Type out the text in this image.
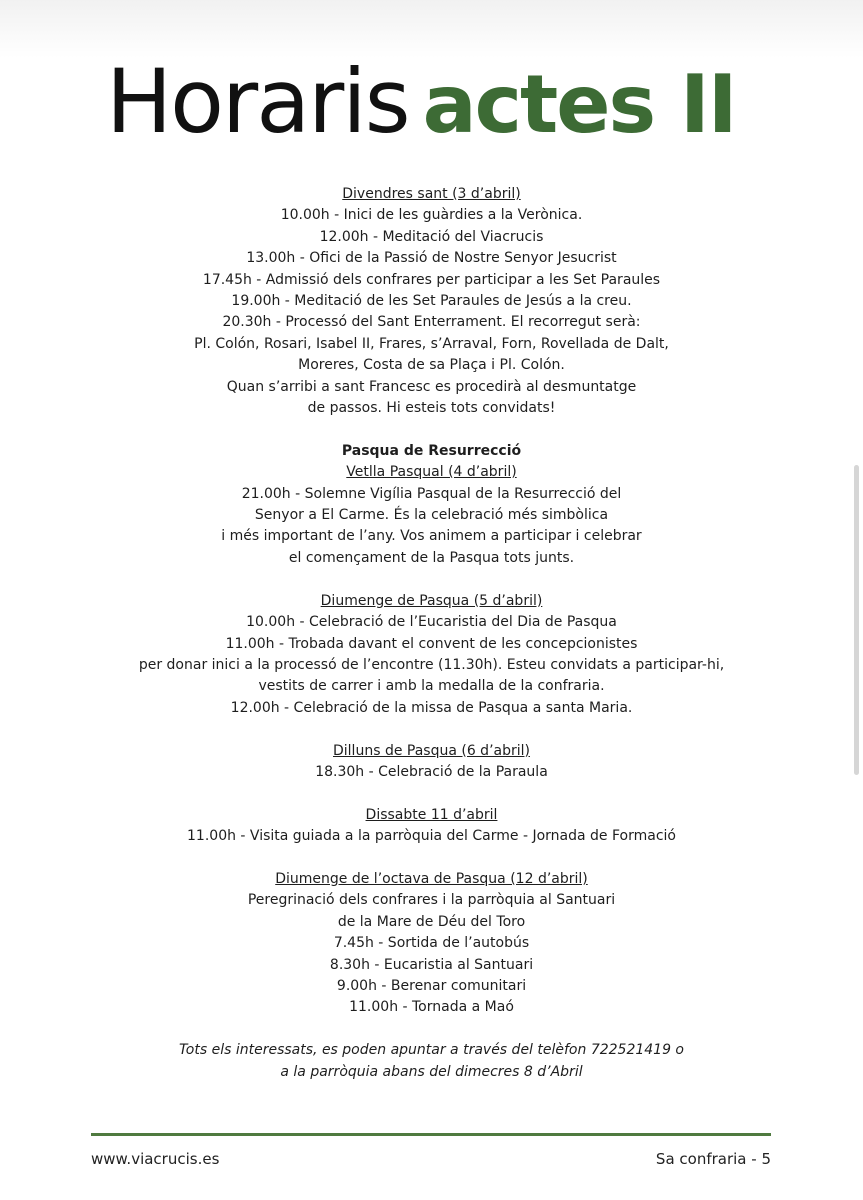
Horaris actes II
Divendres sant (3 d’abril)
10.00h - Inici de les guàrdies a la Verònica.
12.00h - Meditació del Viacrucis
13.00h - Ofici de la Passió de Nostre Senyor Jesucrist
17.45h - Admissió dels confrares per participar a les Set Paraules
19.00h - Meditació de les Set Paraules de Jesús a la creu.
20.30h - Processó del Sant Enterrament. El recorregut serà:
Pl. Colón, Rosari, Isabel II, Frares, s’Arraval, Forn, Rovellada de Dalt,
Moreres, Costa de sa Plaça i Pl. Colón.
Quan s’arribi a sant Francesc es procedirà al desmuntatge
de passos. Hi esteis tots convidats!
Pasqua de Resurrecció
Vetlla Pasqual (4 d’abril)
21.00h - Solemne Vigília Pasqual de la Resurrecció del
Senyor a El Carme. És la celebració més simbòlica
i més important de l’any. Vos animem a participar i celebrar
el començament de la Pasqua tots junts.
Diumenge de Pasqua (5 d’abril)
10.00h - Celebració de l’Eucaristia del Dia de Pasqua
11.00h - Trobada davant el convent de les concepcionistes
per donar inici a la processó de l’encontre (11.30h). Esteu convidats a participar-hi,
vestits de carrer i amb la medalla de la confraria.
12.00h - Celebració de la missa de Pasqua a santa Maria.
Dilluns de Pasqua (6 d’abril)
18.30h - Celebració de la Paraula
Dissabte 11 d’abril
11.00h - Visita guiada a la parròquia del Carme - Jornada de Formació
Diumenge de l’octava de Pasqua (12 d’abril)
Peregrinació dels confrares i la parròquia al Santuari
de la Mare de Déu del Toro
7.45h - Sortida de l’autobús
8.30h - Eucaristia al Santuari
9.00h - Berenar comunitari
11.00h - Tornada a Maó
Tots els interessats, es poden apuntar a través del telèfon 722521419 o
a la parròquia abans del dimecres 8 d’Abril
www.viacrucis.es	Sa confraria - 5
